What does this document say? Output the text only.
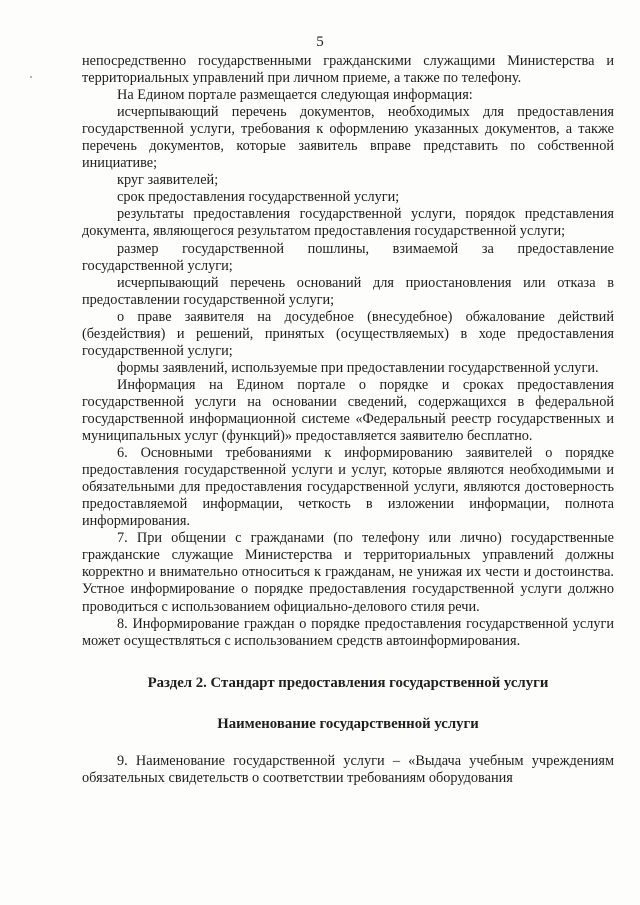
5

непосредственно государственными гражданскими служащими Министерства и территориальных управлений при личном приеме, а также по телефону.

На Едином портале размещается следующая информация:

исчерпывающий перечень документов, необходимых для предоставления государственной услуги, требования к оформлению указанных документов, а также перечень документов, которые заявитель вправе представить по собственной инициативе;

круг заявителей;

срок предоставления государственной услуги;

результаты предоставления государственной услуги, порядок представления документа, являющегося результатом предоставления государственной услуги;

размер государственной пошлины, взимаемой за предоставление государственной услуги;

исчерпывающий перечень оснований для приостановления или отказа в предоставлении государственной услуги;

о праве заявителя на досудебное (внесудебное) обжалование действий (бездействия) и решений, принятых (осуществляемых) в ходе предоставления государственной услуги;

формы заявлений, используемые при предоставлении государственной услуги.

Информация на Едином портале о порядке и сроках предоставления государственной услуги на основании сведений, содержащихся в федеральной государственной информационной системе «Федеральный реестр государственных и муниципальных услуг (функций)» предоставляется заявителю бесплатно.

6. Основными требованиями к информированию заявителей о порядке предоставления государственной услуги и услуг, которые являются необходимыми и обязательными для предоставления государственной услуги, являются достоверность предоставляемой информации, четкость в изложении информации, полнота информирования.

7. При общении с гражданами (по телефону или лично) государственные гражданские служащие Министерства и территориальных управлений должны корректно и внимательно относиться к гражданам, не унижая их чести и достоинства. Устное информирование о порядке предоставления государственной услуги должно проводиться с использованием официально-делового стиля речи.

8. Информирование граждан о порядке предоставления государственной услуги может осуществляться с использованием средств автоинформирования.

Раздел 2. Стандарт предоставления государственной услуги

Наименование государственной услуги

9. Наименование государственной услуги – «Выдача учебным учреждениям обязательных свидетельств о соответствии требованиям оборудования
